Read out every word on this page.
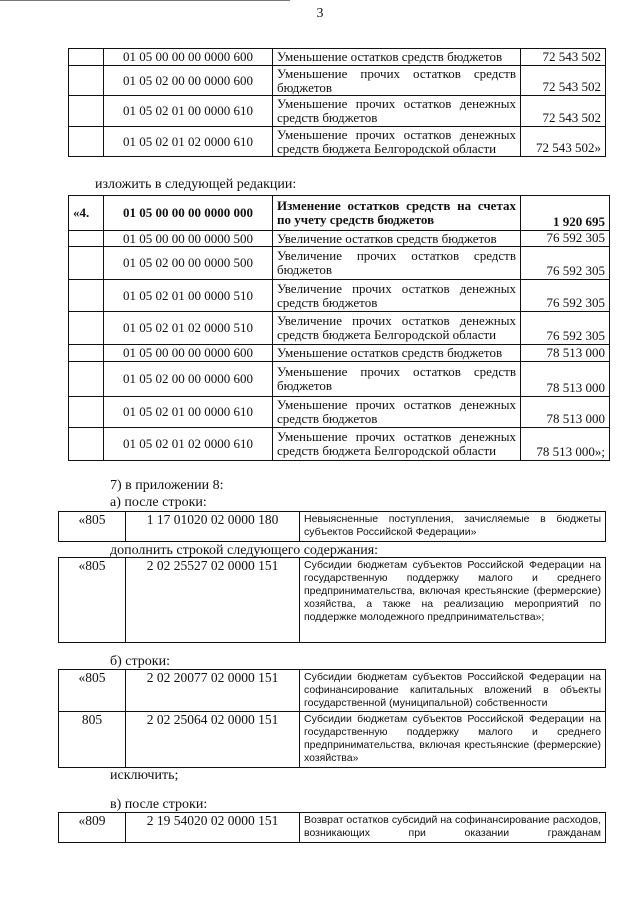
3
	01 05 00 00 00 0000 600	Уменьшение остатков средств бюджетов	72 543 502
	01 05 02 00 00 0000 600	Уменьшение прочих остатков средств бюджетов	72 543 502
	01 05 02 01 00 0000 610	Уменьшение прочих остатков денежных средств бюджетов	72 543 502
	01 05 02 01 02 0000 610	Уменьшение прочих остатков денежных средств бюджета Белгородской области	72 543 502»
изложить в следующей редакции:
«4.	01 05 00 00 00 0000 000	Изменение остатков средств на счетах по учету средств бюджетов	1 920 695
	01 05 00 00 00 0000 500	Увеличение остатков средств бюджетов	76 592 305
	01 05 02 00 00 0000 500	Увеличение прочих остатков средств бюджетов	76 592 305
	01 05 02 01 00 0000 510	Увеличение прочих остатков денежных средств бюджетов	76 592 305
	01 05 02 01 02 0000 510	Увеличение прочих остатков денежных средств бюджета Белгородской области	76 592 305
	01 05 00 00 00 0000 600	Уменьшение остатков средств бюджетов	78 513 000
	01 05 02 00 00 0000 600	Уменьшение прочих остатков средств бюджетов	78 513 000
	01 05 02 01 00 0000 610	Уменьшение прочих остатков денежных средств бюджетов	78 513 000
	01 05 02 01 02 0000 610	Уменьшение прочих остатков денежных средств бюджета Белгородской области	78 513 000»;
7) в приложении 8:
а) после строки:
«805	1 17 01020 02 0000 180	Невыясненные поступления, зачисляемые в бюджеты субъектов Российской Федерации»
дополнить строкой следующего содержания:
«805	2 02 25527 02 0000 151	Субсидии бюджетам субъектов Российской Федерации на государственную поддержку малого и среднего предпринимательства, включая крестьянские (фермерские) хозяйства, а также на реализацию мероприятий по поддержке молодежного предпринимательства»;
б) строки:
«805	2 02 20077 02 0000 151	Субсидии бюджетам субъектов Российской Федерации на софинансирование капитальных вложений в объекты государственной (муниципальной) собственности
805	2 02 25064 02 0000 151	Субсидии бюджетам субъектов Российской Федерации на государственную поддержку малого и среднего предпринимательства, включая крестьянские (фермерские) хозяйства»
исключить;
в) после строки:
«809	2 19 54020 02 0000 151	Возврат остатков субсидий на софинансирование расходов, возникающих при оказании гражданам
